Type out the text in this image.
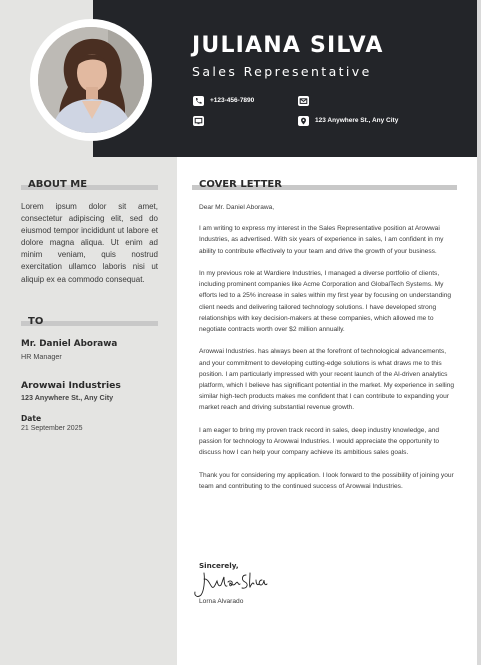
JULIANA SILVA
Sales Representative
+123-456-7890
123 Anywhere St., Any City
ABOUT ME
Lorem ipsum dolor sit amet, consectetur adipiscing elit, sed do eiusmod tempor incididunt ut labore et dolore magna aliqua. Ut enim ad minim veniam, quis nostrud exercitation ullamco laboris nisi ut aliquip ex ea commodo consequat.
TO
Mr. Daniel Aborawa
HR Manager
Arowwai Industries
123 Anywhere St., Any City
Date
21 September 2025
COVER LETTER

Dear Mr. Daniel Aborawa,

I am writing to express my interest in the Sales Representative position at Arowwai Industries, as advertised. With six years of experience in sales, I am confident in my ability to contribute effectively to your team and drive the growth of your business.

In my previous role at Wardiere Industries, I managed a diverse portfolio of clients, including prominent companies like Acme Corporation and GlobalTech Systems. My efforts led to a 25% increase in sales within my first year by focusing on understanding client needs and delivering tailored technology solutions. I have developed strong relationships with key decision-makers at these companies, which allowed me to negotiate contracts worth over $2 million annually.

Arowwai Industries. has always been at the forefront of technological advancements, and your commitment to developing cutting-edge solutions is what draws me to this position. I am particularly impressed with your recent launch of the AI-driven analytics platform, which I believe has significant potential in the market. My experience in selling similar high-tech products makes me confident that I can contribute to expanding your market reach and driving substantial revenue growth.

I am eager to bring my proven track record in sales, deep industry knowledge, and passion for technology to Arowwai Industries. I would appreciate the opportunity to discuss how I can help your company achieve its ambitious sales goals.

Thank you for considering my application. I look forward to the possibility of joining your team and contributing to the continued success of Arowwai Industries.

Sincerely,
Lorna Alvarado
